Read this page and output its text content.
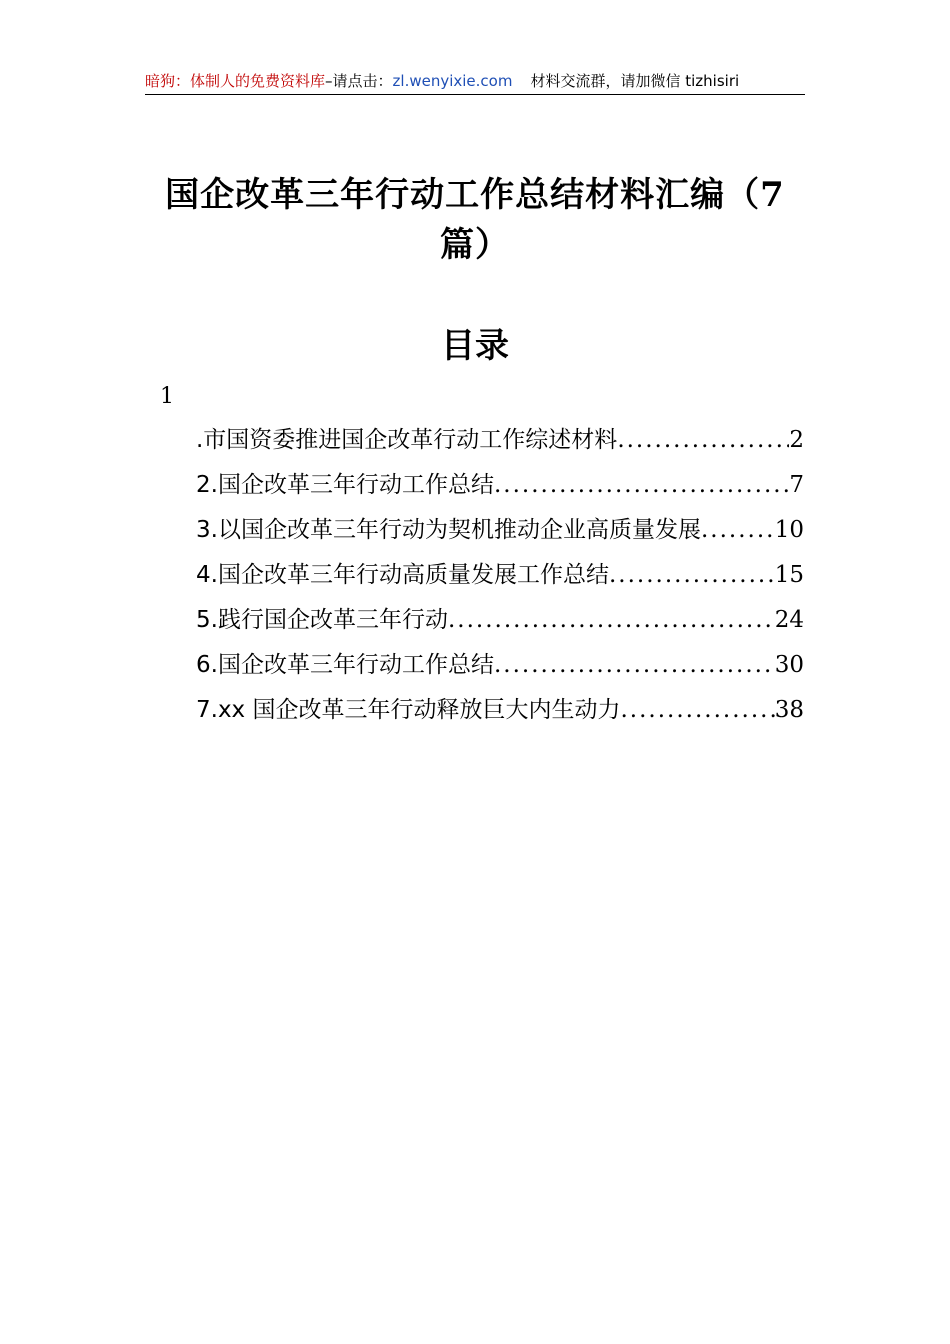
暗狗：体制人的免费资料库–请点击：zl.wenyixie.com 材料交流群，请加微信 tizhisiri
国企改革三年行动工作总结材料汇编（7篇）
目录
1
.市国资委推进国企改革行动工作综述材料 .....	2
2.国企改革三年行动工作总结 .....	7
3.以国企改革三年行动为契机推动企业高质量发展 .....	10
4.国企改革三年行动高质量发展工作总结 .....	15
5.践行国企改革三年行动 .....	24
6.国企改革三年行动工作总结 .....	30
7.xx 国企改革三年行动释放巨大内生动力 .....	38
